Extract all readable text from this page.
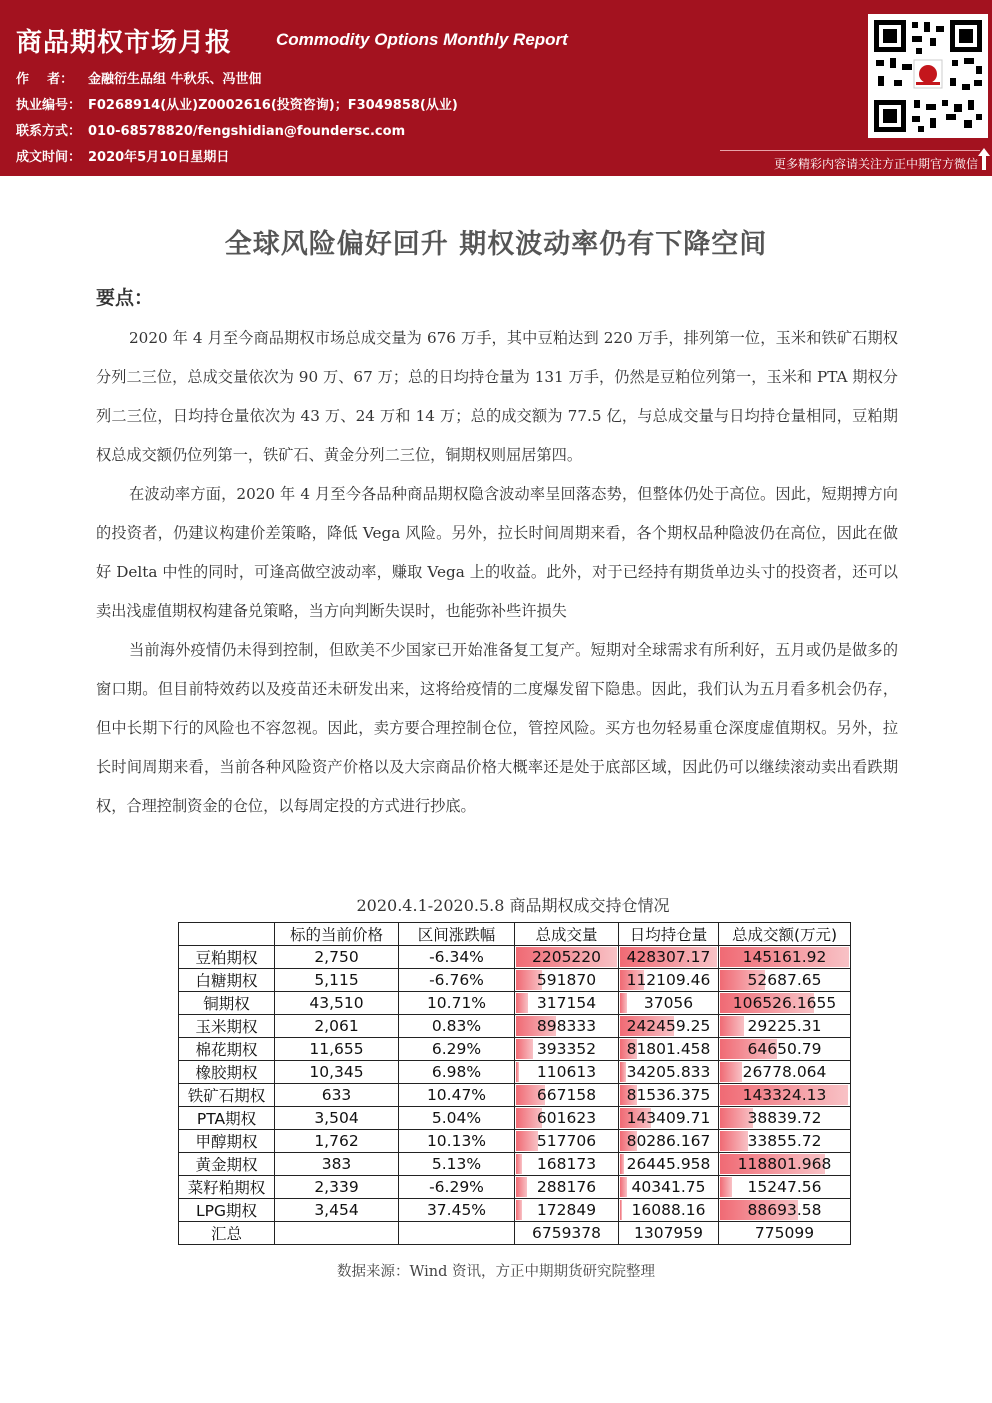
商品期权市场月报	Commodity Options Monthly Report
作    者： 金融衍生品组 牛秋乐、冯世佃
执业编号： F0268914(从业)Z0002616(投资咨询)；F3049858(从业)
联系方式： 010-68578820/fengshidian@foundersc.com
成文时间： 2020年5月10日星期日	更多精彩内容请关注方正中期官方微信
全球风险偏好回升 期权波动率仍有下降空间
要点：
2020 年 4 月至今商品期权市场总成交量为 676 万手，其中豆粕达到 220 万手，排列第一位，玉米和铁矿石期权分列二三位，总成交量依次为 90 万、67 万；总的日均持仓量为 131 万手，仍然是豆粕位列第一，玉米和 PTA 期权分列二三位，日均持仓量依次为 43 万、24 万和 14 万；总的成交额为 77.5 亿，与总成交量与日均持仓量相同，豆粕期权总成交额仍位列第一，铁矿石、黄金分列二三位，铜期权则屈居第四。
在波动率方面，2020 年 4 月至今各品种商品期权隐含波动率呈回落态势，但整体仍处于高位。因此，短期搏方向的投资者，仍建议构建价差策略，降低 Vega 风险。另外，拉长时间周期来看，各个期权品种隐波仍在高位，因此在做好 Delta 中性的同时，可逢高做空波动率，赚取 Vega 上的收益。此外，对于已经持有期货单边头寸的投资者，还可以卖出浅虚值期权构建备兑策略，当方向判断失误时，也能弥补些许损失
当前海外疫情仍未得到控制，但欧美不少国家已开始准备复工复产。短期对全球需求有所利好，五月或仍是做多的窗口期。但目前特效药以及疫苗还未研发出来，这将给疫情的二度爆发留下隐患。因此，我们认为五月看多机会仍存，但中长期下行的风险也不容忽视。因此，卖方要合理控制仓位，管控风险。买方也勿轻易重仓深度虚值期权。另外，拉长时间周期来看，当前各种风险资产价格以及大宗商品价格大概率还是处于底部区域，因此仍可以继续滚动卖出看跌期权，合理控制资金的仓位，以每周定投的方式进行抄底。
2020.4.1-2020.5.8 商品期权成交持仓情况
	标的当前价格	区间涨跌幅	总成交量	日均持仓量	总成交额(万元)
豆粕期权	2,750	-6.34%	2205220	428307.17	145161.92
白糖期权	5,115	-6.76%	591870	112109.46	52687.65
铜期权	43,510	10.71%	317154	37056	106526.1655
玉米期权	2,061	0.83%	898333	242459.25	29225.31
棉花期权	11,655	6.29%	393352	81801.458	64650.79
橡胶期权	10,345	6.98%	110613	34205.833	26778.064
铁矿石期权	633	10.47%	667158	81536.375	143324.13
PTA期权	3,504	5.04%	601623	143409.71	38839.72
甲醇期权	1,762	10.13%	517706	80286.167	33855.72
黄金期权	383	5.13%	168173	26445.958	118801.968
菜籽粕期权	2,339	-6.29%	288176	40341.75	15247.56
LPG期权	3,454	37.45%	172849	16088.16	88693.58
汇总			6759378	1307959	775099
数据来源：Wind 资讯，方正中期期货研究院整理
